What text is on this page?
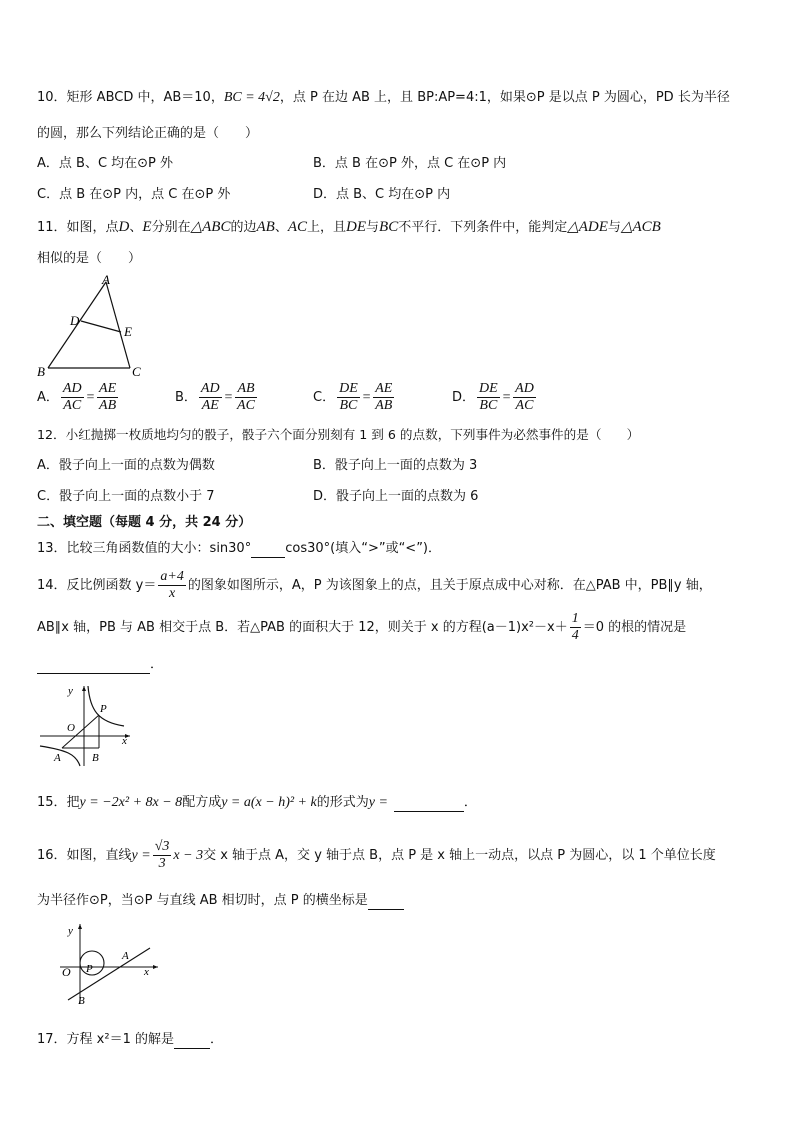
10．矩形 ABCD 中，AB＝10，BC = 4√2，点 P 在边 AB 上，且 BP:AP=4:1，如果⊙P 是以点 P 为圆心，PD 长为半径
的圆，那么下列结论正确的是（　　）
A．点 B、C 均在⊙P 外	B．点 B 在⊙P 外，点 C 在⊙P 内
C．点 B 在⊙P 内，点 C 在⊙P 外	D．点 B、C 均在⊙P 内
11．如图，点D、E分别在△ABC的边AB、AC上，且DE与BC不平行．下列条件中，能判定△ADE与△ACB
相似的是（　　）
A
D
E
B	C
A． $\frac{AD}{AC} = \frac{AE}{AB}$	B． $\frac{AD}{AE} = \frac{AB}{AC}$	C． $\frac{DE}{BC} = \frac{AE}{AB}$	D． $\frac{DE}{BC} = \frac{AD}{AC}$
12．小红抛掷一枚质地均匀的骰子，骰子六个面分别刻有 1 到 6 的点数，下列事件为必然事件的是（　　）
A．骰子向上一面的点数为偶数	B．骰子向上一面的点数为 3
C．骰子向上一面的点数小于 7	D．骰子向上一面的点数为 6
二、填空题（每题 4 分，共 24 分）
13．比较三角函数值的大小：sin30°	cos30°(填入“>”或“<”)．
14．反比例函数 $y= \frac{a+4}{x}$ 的图象如图所示，A，P 为该图象上的点，且关于原点成中心对称．在△PAB 中，PB∥y 轴，
AB∥x 轴，PB 与 AB 相交于点 B．若△PAB 的面积大于 12，则关于 x 的方程$(a-1)x^2-x+ \frac{1}{4} =0$ 的根的情况是
．
y
O
P
x
A	B
15．把y = −2x² + 8x − 8配方成y = a(x − h)² + k的形式为y =	．
16．如图，直线$y = \frac{√3}{3}$ x − 3交 x 轴于点 A，交 y 轴于点 B，点 P 是 x 轴上一动点，以点 P 为圆心，以 1 个单位长度
为半径作⊙P，当⊙P 与直线 AB 相切时，点 P 的横坐标是
y
O P
A
x
B
17．方程 x²＝1 的解是	．
